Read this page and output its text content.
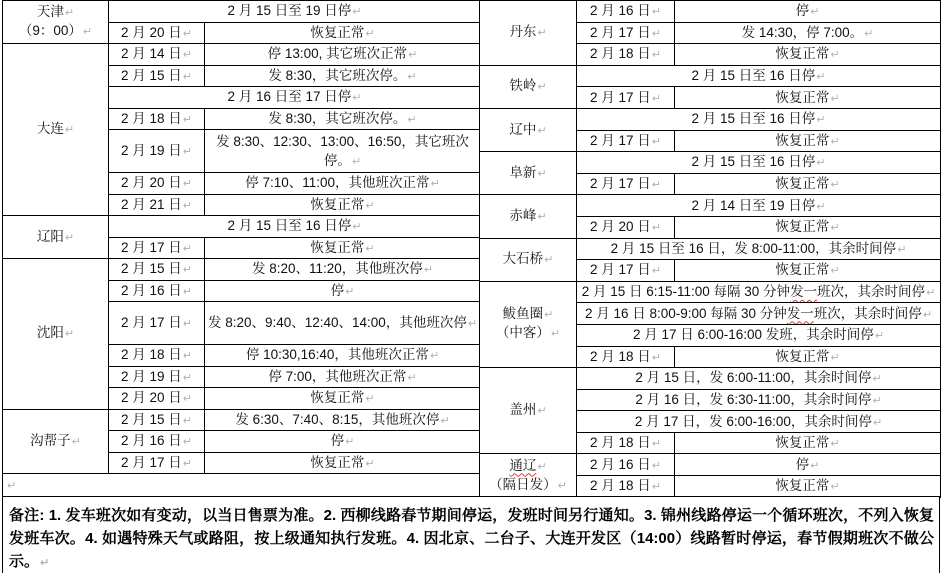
天津↵
（9：00）↵	2 月 15 日至 19 日停↵	
	2 月 20 日↵	恢复正常↵

大连↵	2 月 14 日↵	停 13:00, 其它班次正常↵
	2 月 15 日↵	发 8:30，其它班次停。↵
	2 月 16 日至 17 日停↵	
	2 月 18 日↵	发 8:30，其它班次停。↵
	2 月 19 日↵	发 8:30、12:30、13:00、16:50，其它班次停。↵
	2 月 20 日↵	停 7:10、11:00，其他班次正常↵
	2 月 21 日↵	恢复正常↵

辽阳↵	2 月 15 日至 16 日停↵	
	2 月 17 日↵	恢复正常↵

沈阳↵	2 月 15 日↵	发 8:20、11:20，其他班次停↵
	2 月 16 日↵	停↵
	2 月 17 日↵	发 8:20、9:40、12:40、14:00，其他班次停↵
	2 月 18 日↵	停 10:30,16:40，其他班次正常↵
	2 月 19 日↵	停 7:00，其他班次正常↵
	2 月 20 日↵	恢复正常↵

沟帮子↵	2 月 15 日↵	发 6:30、7:40、8:15，其他班次停↵
	2 月 16 日↵	停↵
	2 月 17 日↵	恢复正常↵
丹东↵	2 月 16 日↵	停↵
	2 月 17 日↵	发 14:30，停 7:00。↵
	2 月 18 日↵	恢复正常↵

铁岭↵	2 月 15 日至 16 日停↵	
	2 月 17 日↵	恢复正常↵

辽中↵	2 月 15 日至 16 日停↵	
	2 月 17 日↵	恢复正常↵

阜新↵	2 月 15 日至 16 日停↵	
	2 月 17 日↵	恢复正常↵

赤峰↵	2 月 14 日至 19 日停↵	
	2 月 20 日↵	恢复正常↵

大石桥↵	2 月 15 日至 16 日，发 8:00-11:00，其余时间停↵	
	2 月 17 日↵	恢复正常↵

鲅鱼圈↵
（中客）↵	2 月 15 日 6:15-11:00 每隔 30 分钟发一班次，其余时间停↵	
	2 月 16 日 8:00-9:00 每隔 30 分钟发一班次，其余时间停↵	
	2 月 17 日 6:00-16:00 发班，其余时间停↵	
	2 月 18 日↵	恢复正常↵

盖州↵	2 月 15 日，发 6:00-11:00，其余时间停↵	
	2 月 16 日，发 6:30-11:00，其余时间停↵	
	2 月 17 日，发 6:00-16:00，其余时间停↵	
	2 月 18 日↵	恢复正常↵

通辽↵
（隔日发）↵	2 月 16 日↵	停↵
	2 月 18 日↵	恢复正常↵
↵
备注: 1. 发车班次如有变动，以当日售票为准。2. 西柳线路春节期间停运，发班时间另行通知。3. 锦州线路停运一个循环班次，不列入恢复发班车次。4. 如遇特殊天气或路阻，按上级通知执行发班。4. 因北京、二台子、大连开发区（14:00）线路暂时停运，春节假期班次不做公示。↵
